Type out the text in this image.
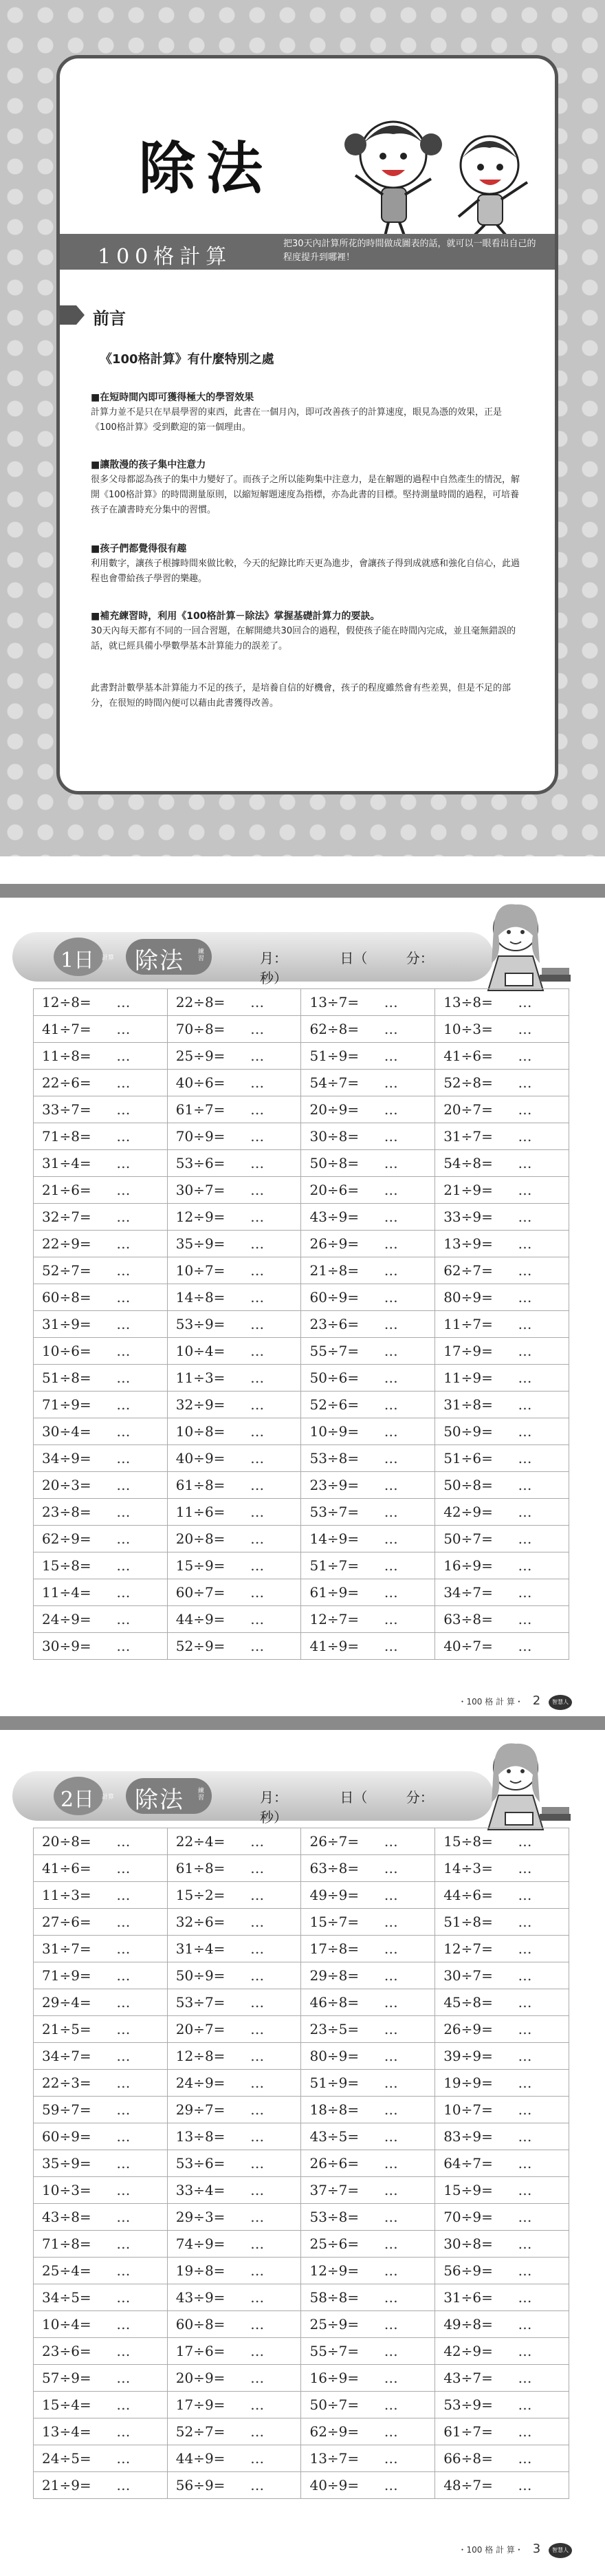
除法
100格計算
把30天內計算所花的時間做成圖表的話，就可以一眼看出自己的程度提升到哪裡！
前言
《100格計算》有什麼特別之處
■在短時間內即可獲得極大的學習效果
計算力並不是只在早晨學習的東西，此書在一個月內，即可改善孩子的計算速度，眼見為憑的效果，正是《100格計算》受到歡迎的第一個理由。
■讓散漫的孩子集中注意力
很多父母都認為孩子的集中力變好了。而孩子之所以能夠集中注意力，是在解題的過程中自然產生的情況，解開《100格計算》的時間測量原則，以縮短解題速度為指標，亦為此書的目標。堅持測量時間的過程，可培養孩子在讀書時充分集中的習慣。
■孩子們都覺得很有趣
利用數字，讓孩子根據時間來做比較，今天的紀錄比昨天更為進步，會讓孩子得到成就感和強化自信心，此過程也會帶給孩子學習的樂趣。
■補充練習時，利用《100格計算－除法》掌握基礎計算力的要訣。
30天內每天都有不同的一回合習題，在解開總共30回合的過程，假使孩子能在時間內完成，並且毫無錯誤的話，就已經具備小學數學基本計算能力的誤差了。
此書對計數學基本計算能力不足的孩子，是培養自信的好機會，孩子的程度雖然會有些差異，但是不足的部分，在很短的時間內便可以藉由此書獲得改善。
1日 計算 除法 練習	月：	日（	分： 秒）
12÷8=	…	22÷8=	…	13÷7=	…	13÷8=	…
41÷7=	…	70÷8=	…	62÷8=	…	10÷3=	…
11÷8=	…	25÷9=	…	51÷9=	…	41÷6=	…
22÷6=	…	40÷6=	…	54÷7=	…	52÷8=	…
33÷7=	…	61÷7=	…	20÷9=	…	20÷7=	…
71÷8=	…	70÷9=	…	30÷8=	…	31÷7=	…
31÷4=	…	53÷6=	…	50÷8=	…	54÷8=	…
21÷6=	…	30÷7=	…	20÷6=	…	21÷9=	…
32÷7=	…	12÷9=	…	43÷9=	…	33÷9=	…
22÷9=	…	35÷9=	…	26÷9=	…	13÷9=	…
52÷7=	…	10÷7=	…	21÷8=	…	62÷7=	…
60÷8=	…	14÷8=	…	60÷9=	…	80÷9=	…
31÷9=	…	53÷9=	…	23÷6=	…	11÷7=	…
10÷6=	…	10÷4=	…	55÷7=	…	17÷9=	…
51÷8=	…	11÷3=	…	50÷6=	…	11÷9=	…
71÷9=	…	32÷9=	…	52÷6=	…	31÷8=	…
30÷4=	…	10÷8=	…	10÷9=	…	50÷9=	…
34÷9=	…	40÷9=	…	53÷8=	…	51÷6=	…
20÷3=	…	61÷8=	…	23÷9=	…	50÷8=	…
23÷8=	…	11÷6=	…	53÷7=	…	42÷9=	…
62÷9=	…	20÷8=	…	14÷9=	…	50÷7=	…
15÷8=	…	15÷9=	…	51÷7=	…	16÷9=	…
11÷4=	…	60÷7=	…	61÷9=	…	34÷7=	…
24÷9=	…	44÷9=	…	12÷7=	…	63÷8=	…
30÷9=	…	52÷9=	…	41÷9=	…	40÷7=	…
・100 格 計 算・ 2 智慧人
2日 計算 除法 練習	月：	日（	分： 秒）
20÷8=	…	22÷4=	…	26÷7=	…	15÷8=	…
41÷6=	…	61÷8=	…	63÷8=	…	14÷3=	…
11÷3=	…	15÷2=	…	49÷9=	…	44÷6=	…
27÷6=	…	32÷6=	…	15÷7=	…	51÷8=	…
31÷7=	…	31÷4=	…	17÷8=	…	12÷7=	…
71÷9=	…	50÷9=	…	29÷8=	…	30÷7=	…
29÷4=	…	53÷7=	…	46÷8=	…	45÷8=	…
21÷5=	…	20÷7=	…	23÷5=	…	26÷9=	…
34÷7=	…	12÷8=	…	80÷9=	…	39÷9=	…
22÷3=	…	24÷9=	…	51÷9=	…	19÷9=	…
59÷7=	…	29÷7=	…	18÷8=	…	10÷7=	…
60÷9=	…	13÷8=	…	43÷5=	…	83÷9=	…
35÷9=	…	53÷6=	…	26÷6=	…	64÷7=	…
10÷3=	…	33÷4=	…	37÷7=	…	15÷9=	…
43÷8=	…	29÷3=	…	53÷8=	…	70÷9=	…
71÷8=	…	74÷9=	…	25÷6=	…	30÷8=	…
25÷4=	…	19÷8=	…	12÷9=	…	56÷9=	…
34÷5=	…	43÷9=	…	58÷8=	…	31÷6=	…
10÷4=	…	60÷8=	…	25÷9=	…	49÷8=	…
23÷6=	…	17÷6=	…	55÷7=	…	42÷9=	…
57÷9=	…	20÷9=	…	16÷9=	…	43÷7=	…
15÷4=	…	17÷9=	…	50÷7=	…	53÷9=	…
13÷4=	…	52÷7=	…	62÷9=	…	61÷7=	…
24÷5=	…	44÷9=	…	13÷7=	…	66÷8=	…
21÷9=	…	56÷9=	…	40÷9=	…	48÷7=	…
・100 格 計 算・ 3 智慧人
